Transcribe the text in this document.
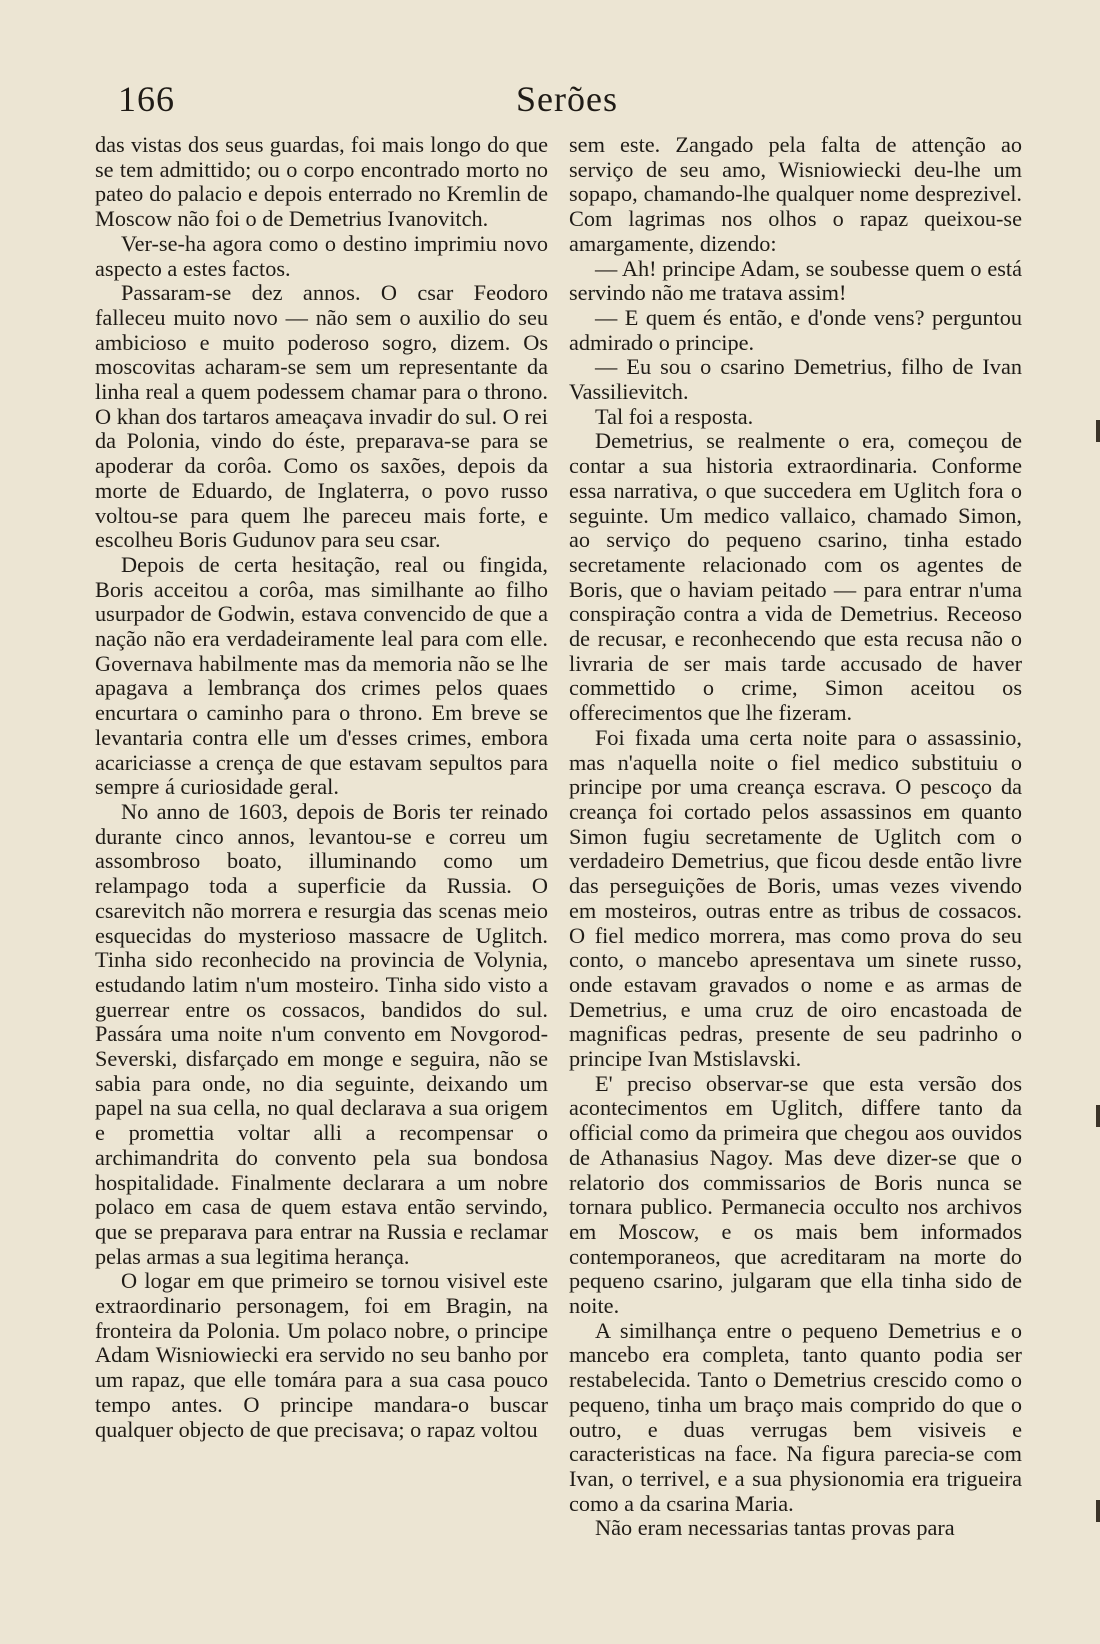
166	Serões

das vistas dos seus guardas, foi mais longo do que se tem admittido; ou o corpo encontrado morto no pateo do palacio e depois enterrado no Kremlin de Moscow não foi o de Demetrius Ivanovitch.

Ver-se-ha agora como o destino imprimiu novo aspecto a estes factos.

Passaram-se dez annos. O csar Feodoro falleceu muito novo — não sem o auxilio do seu ambicioso e muito poderoso sogro, dizem. Os moscovitas acharam-se sem um representante da linha real a quem podessem chamar para o throno. O khan dos tartaros ameaçava invadir do sul. O rei da Polonia, vindo do éste, preparava-se para se apoderar da corôa. Como os saxões, depois da morte de Eduardo, de Inglaterra, o povo russo voltou-se para quem lhe pareceu mais forte, e escolheu Boris Gudunov para seu csar.

Depois de certa hesitação, real ou fingida, Boris acceitou a corôa, mas similhante ao filho usurpador de Godwin, estava convencido de que a nação não era verdadeiramente leal para com elle. Governava habilmente mas da memoria não se lhe apagava a lembrança dos crimes pelos quaes encurtara o caminho para o throno. Em breve se levantaria contra elle um d'esses crimes, embora acariciasse a crença de que estavam sepultos para sempre á curiosidade geral.

No anno de 1603, depois de Boris ter reinado durante cinco annos, levantou-se e correu um assombroso boato, illuminando como um relampago toda a superficie da Russia. O csarevitch não morrera e resurgia das scenas meio esquecidas do mysterioso massacre de Uglitch. Tinha sido reconhecido na provincia de Volynia, estudando latim n'um mosteiro. Tinha sido visto a guerrear entre os cossacos, bandidos do sul. Passára uma noite n'um convento em Novgorod-Severski, disfarçado em monge e seguira, não se sabia para onde, no dia seguinte, deixando um papel na sua cella, no qual declarava a sua origem e promettia voltar alli a recompensar o archimandrita do convento pela sua bondosa hospitalidade. Finalmente declarara a um nobre polaco em casa de quem estava então servindo, que se preparava para entrar na Russia e reclamar pelas armas a sua legitima herança.

O logar em que primeiro se tornou visivel este extraordinario personagem, foi em Bragin, na fronteira da Polonia. Um polaco nobre, o principe Adam Wisniowiecki era servido no seu banho por um rapaz, que elle tomára para a sua casa pouco tempo antes. O principe mandara-o buscar qualquer objecto de que precisava; o rapaz voltou

sem este. Zangado pela falta de attenção ao serviço de seu amo, Wisniowiecki deu-lhe um sopapo, chamando-lhe qualquer nome desprezivel. Com lagrimas nos olhos o rapaz queixou-se amargamente, dizendo:

— Ah! principe Adam, se soubesse quem o está servindo não me tratava assim!

— E quem és então, e d'onde vens? perguntou admirado o principe.

— Eu sou o csarino Demetrius, filho de Ivan Vassilievitch.

Tal foi a resposta.

Demetrius, se realmente o era, começou de contar a sua historia extraordinaria. Conforme essa narrativa, o que succedera em Uglitch fora o seguinte. Um medico vallaico, chamado Simon, ao serviço do pequeno csarino, tinha estado secretamente relacionado com os agentes de Boris, que o haviam peitado — para entrar n'uma conspiração contra a vida de Demetrius. Receoso de recusar, e reconhecendo que esta recusa não o livraria de ser mais tarde accusado de haver commettido o crime, Simon aceitou os offerecimentos que lhe fizeram.

Foi fixada uma certa noite para o assassinio, mas n'aquella noite o fiel medico substituiu o principe por uma creança escrava. O pescoço da creança foi cortado pelos assassinos em quanto Simon fugiu secretamente de Uglitch com o verdadeiro Demetrius, que ficou desde então livre das perseguições de Boris, umas vezes vivendo em mosteiros, outras entre as tribus de cossacos. O fiel medico morrera, mas como prova do seu conto, o mancebo apresentava um sinete russo, onde estavam gravados o nome e as armas de Demetrius, e uma cruz de oiro encastoada de magnificas pedras, presente de seu padrinho o principe Ivan Mstislavski.

E' preciso observar-se que esta versão dos acontecimentos em Uglitch, differe tanto da official como da primeira que chegou aos ouvidos de Athanasius Nagoy. Mas deve dizer-se que o relatorio dos commissarios de Boris nunca se tornara publico. Permanecia occulto nos archivos em Moscow, e os mais bem informados contemporaneos, que acreditaram na morte do pequeno csarino, julgaram que ella tinha sido de noite.

A similhança entre o pequeno Demetrius e o mancebo era completa, tanto quanto podia ser restabelecida. Tanto o Demetrius crescido como o pequeno, tinha um braço mais comprido do que o outro, e duas verrugas bem visiveis e caracteristicas na face. Na figura parecia-se com Ivan, o terrivel, e a sua physionomia era trigueira como a da csarina Maria.

Não eram necessarias tantas provas para
